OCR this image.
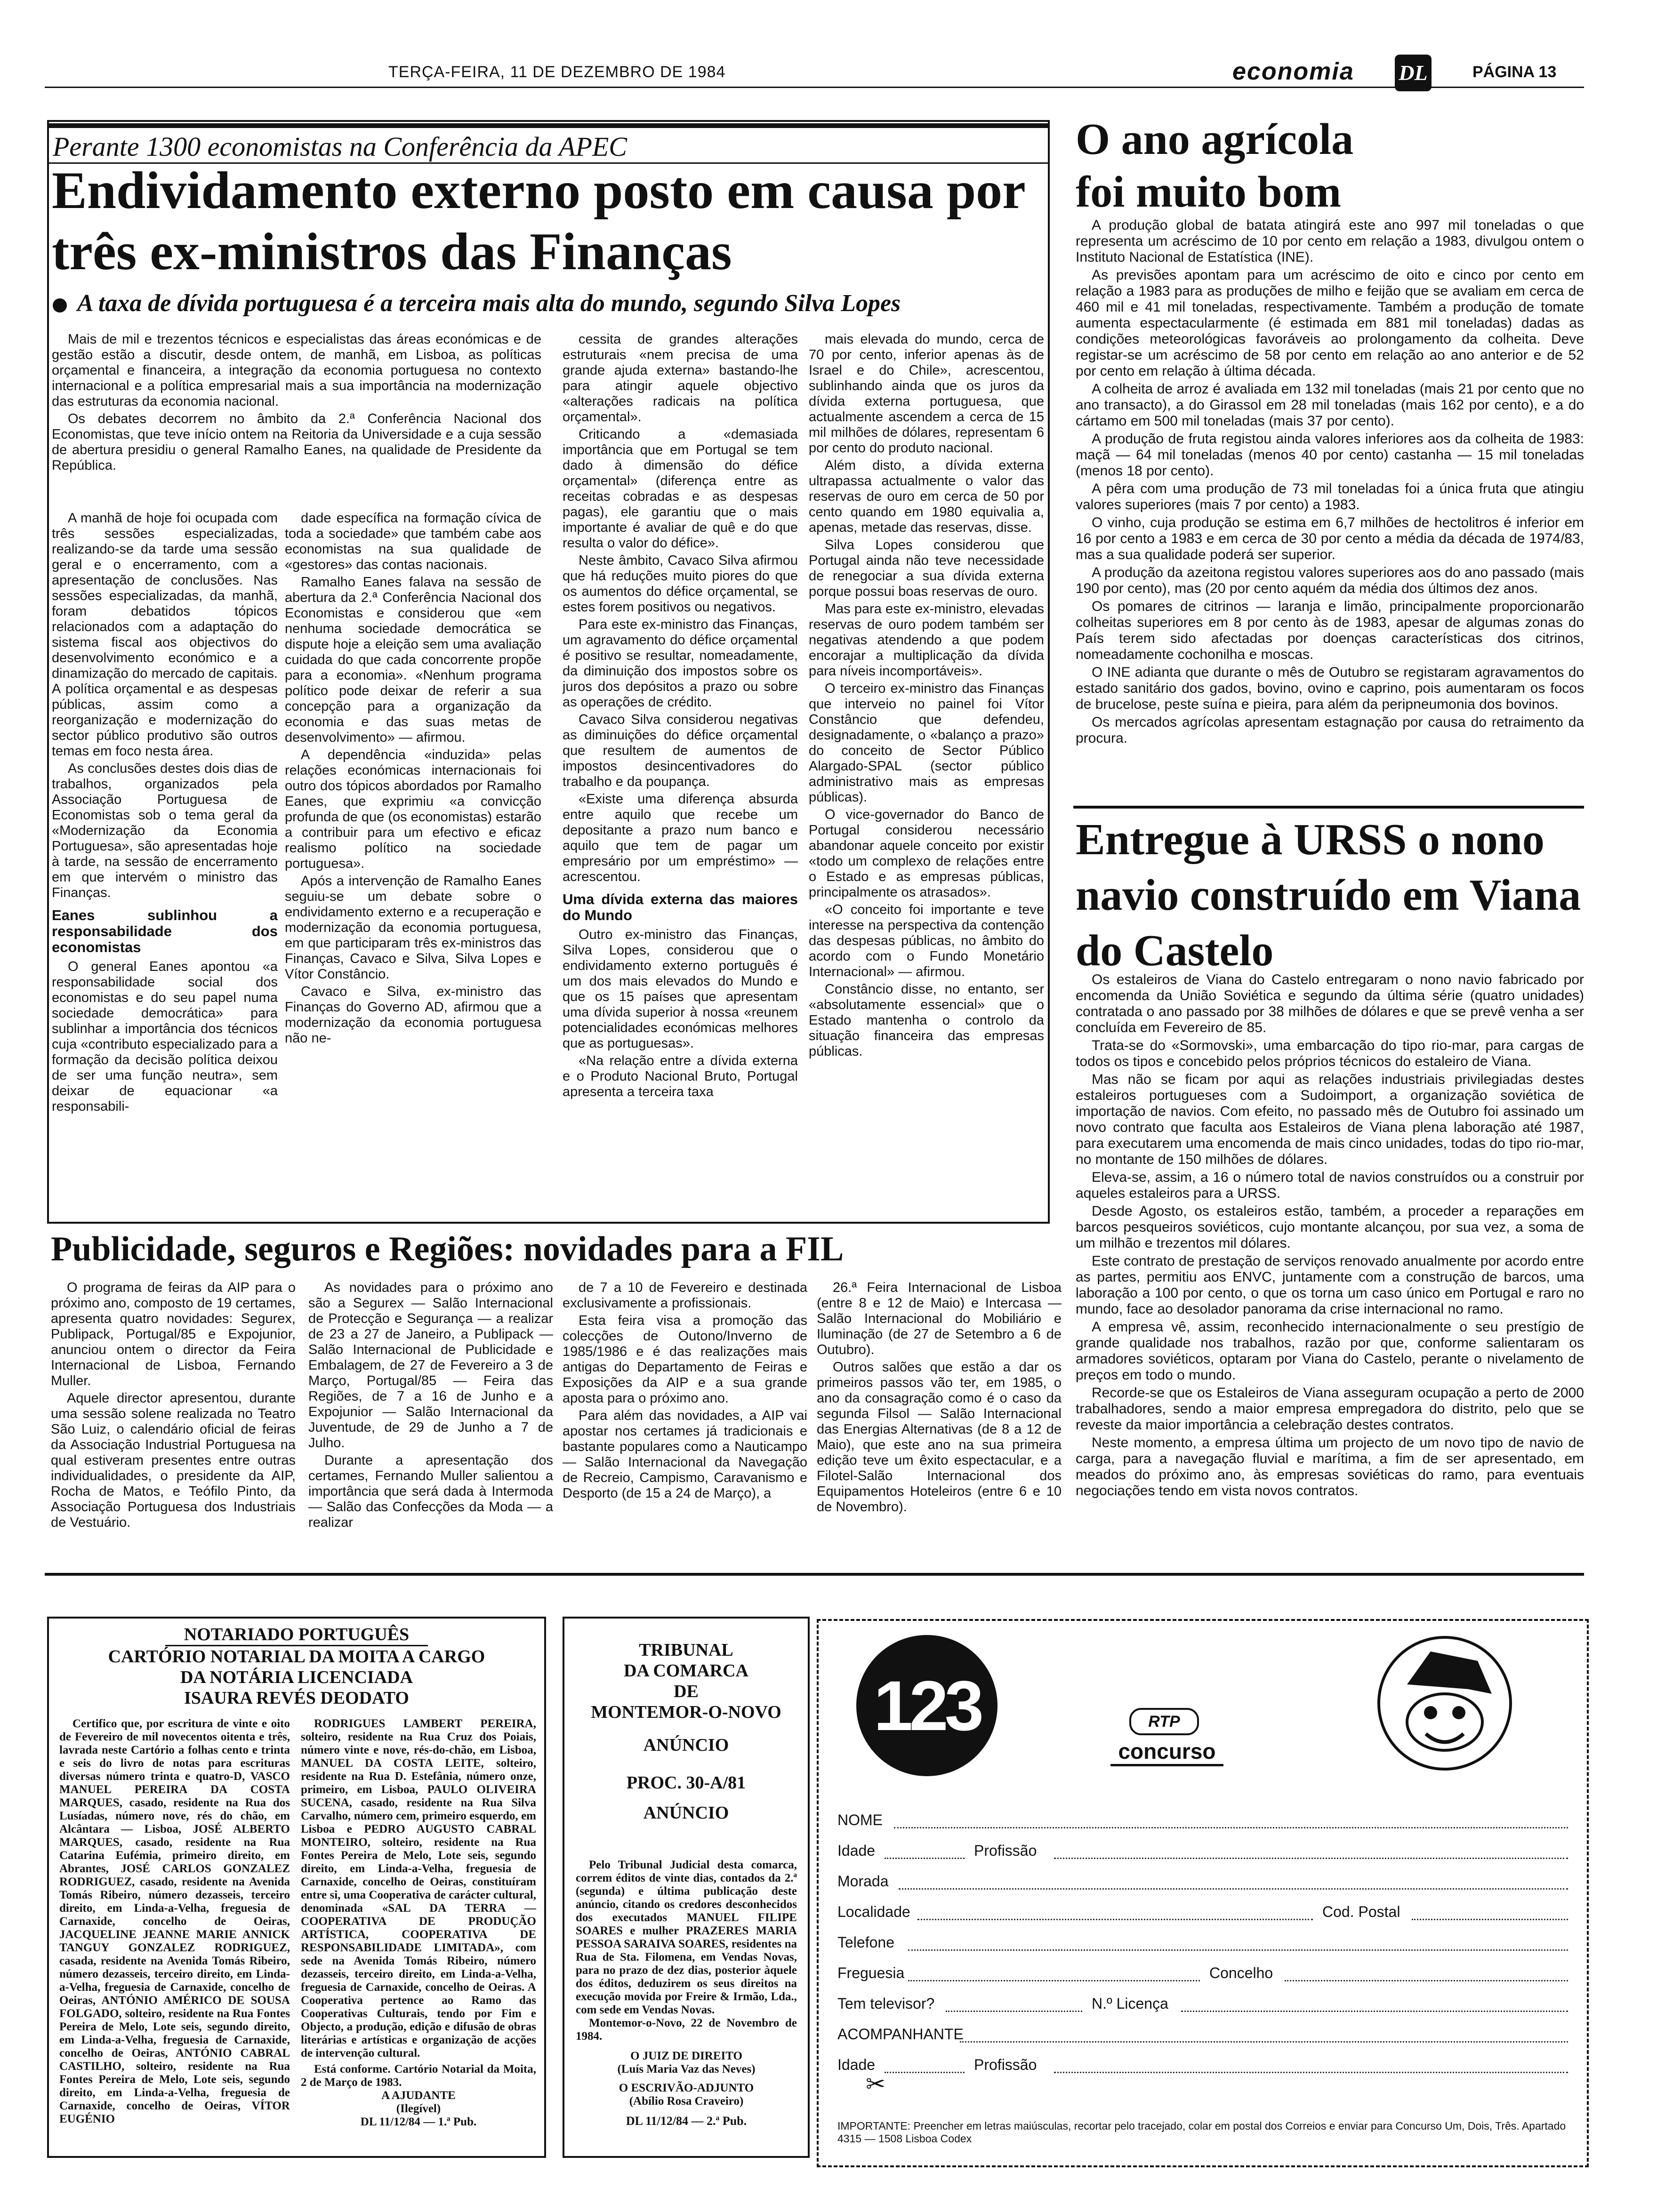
TERÇA-FEIRA, 11 DE DEZEMBRO DE 1984	economia DL	PÁGINA 13
Perante 1300 economistas na Conferência da APEC
Endividamento externo posto em causa por três ex-ministros das Finanças
A taxa de dívida portuguesa é a terceira mais alta do mundo, segundo Silva Lopes

Mais de mil e trezentos técnicos e especialistas das áreas económicas e de gestão estão a discutir, desde ontem, de manhã, em Lisboa, as políticas orçamental e financeira, a integração da economia portuguesa no contexto internacional e a política empresarial mais a sua importância na modernização das estruturas da economia nacional.

Os debates decorrem no âmbito da 2.ª Conferência Nacional dos Economistas, que teve início ontem na Reitoria da Universidade e a cuja sessão de abertura presidiu o general Ramalho Eanes, na qualidade de Presidente da República.

A manhã de hoje foi ocupada com três sessões especializadas, realizando-se da tarde uma sessão geral e o encerramento, com a apresentação de conclusões. Nas sessões especializadas, da manhã, foram debatidos tópicos relacionados com a adaptação do sistema fiscal aos objectivos do desenvolvimento económico e a dinamização do mercado de capitais. A política orçamental e as despesas públicas, assim como a reorganização e modernização do sector público produtivo são outros temas em foco nesta área.

As conclusões destes dois dias de trabalhos, organizados pela Associação Portuguesa de Economistas sob o tema geral da «Modernização da Economia Portuguesa», são apresentadas hoje à tarde, na sessão de encerramento em que intervém o ministro das Finanças.

Eanes sublinhou a responsabilidade dos economistas

O general Eanes apontou «a responsabilidade social dos economistas e do seu papel numa sociedade democrática» para sublinhar a importância dos técnicos cuja «contributo especializado para a formação da decisão política deixou de ser uma função neutra», sem deixar de equacionar «a responsabili-

dade específica na formação cívica de toda a sociedade» que também cabe aos economistas na sua qualidade de «gestores» das contas nacionais.

Ramalho Eanes falava na sessão de abertura da 2.ª Conferência Nacional dos Economistas e considerou que «em nenhuma sociedade democrática se dispute hoje a eleição sem uma avaliação cuidada do que cada concorrente propõe para a economia». «Nenhum programa político pode deixar de referir a sua concepção para a organização da economia e das suas metas de desenvolvimento» — afirmou.

A dependência «induzida» pelas relações económicas internacionais foi outro dos tópicos abordados por Ramalho Eanes, que exprimiu «a convicção profunda de que (os economistas) estarão a contribuir para um efectivo e eficaz realismo político na sociedade portuguesa».

Após a intervenção de Ramalho Eanes seguiu-se um debate sobre o endividamento externo e a recuperação e modernização da economia portuguesa, em que participaram três ex-ministros das Finanças, Cavaco e Silva, Silva Lopes e Vítor Constâncio.

Cavaco e Silva, ex-ministro das Finanças do Governo AD, afirmou que a modernização da economia portuguesa não ne-

cessita de grandes alterações estruturais «nem precisa de uma grande ajuda externa» bastando-lhe para atingir aquele objectivo «alterações radicais na política orçamental».

Criticando a «demasiada importância que em Portugal se tem dado à dimensão do défice orçamental» (diferença entre as receitas cobradas e as despesas pagas), ele garantiu que o mais importante é avaliar de quê e do que resulta o valor do défice».

Neste âmbito, Cavaco Silva afirmou que há reduções muito piores do que os aumentos do défice orçamental, se estes forem positivos ou negativos.

Para este ex-ministro das Finanças, um agravamento do défice orçamental é positivo se resultar, nomeadamente, da diminuição dos impostos sobre os juros dos depósitos a prazo ou sobre as operações de crédito.

Cavaco Silva considerou negativas as diminuições do défice orçamental que resultem de aumentos de impostos desincentivadores do trabalho e da poupança.

«Existe uma diferença absurda entre aquilo que recebe um depositante a prazo num banco e aquilo que tem de pagar um empresário por um empréstimo» — acrescentou.

Uma dívida externa das maiores do Mundo

Outro ex-ministro das Finanças, Silva Lopes, considerou que o endividamento externo português é um dos mais elevados do Mundo e que os 15 países que apresentam uma dívida superior à nossa «reunem potencialidades económicas melhores que as portuguesas».

«Na relação entre a dívida externa e o Produto Nacional Bruto, Portugal apresenta a terceira taxa

mais elevada do mundo, cerca de 70 por cento, inferior apenas às de Israel e do Chile», acrescentou, sublinhando ainda que os juros da dívida externa portuguesa, que actualmente ascendem a cerca de 15 mil milhões de dólares, representam 6 por cento do produto nacional.

Além disto, a dívida externa ultrapassa actualmente o valor das reservas de ouro em cerca de 50 por cento quando em 1980 equivalia a, apenas, metade das reservas, disse.

Silva Lopes considerou que Portugal ainda não teve necessidade de renegociar a sua dívida externa porque possui boas reservas de ouro.

Mas para este ex-ministro, elevadas reservas de ouro podem também ser negativas atendendo a que podem encorajar a multiplicação da dívida para níveis incomportáveis».

O terceiro ex-ministro das Finanças que interveio no painel foi Vítor Constâncio que defendeu, designadamente, o «balanço a prazo» do conceito de Sector Público Alargado-SPAL (sector público administrativo mais as empresas públicas).

O vice-governador do Banco de Portugal considerou necessário abandonar aquele conceito por existir «todo um complexo de relações entre o Estado e as empresas públicas, principalmente os atrasados».

«O conceito foi importante e teve interesse na perspectiva da contenção das despesas públicas, no âmbito do acordo com o Fundo Monetário Internacional» — afirmou.

Constâncio disse, no entanto, ser «absolutamente essencial» que o Estado mantenha o controlo da situação financeira das empresas públicas.

O ano agrícola foi muito bom

A produção global de batata atingirá este ano 997 mil toneladas o que representa um acréscimo de 10 por cento em relação a 1983, divulgou ontem o Instituto Nacional de Estatística (INE).

As previsões apontam para um acréscimo de oito e cinco por cento em relação a 1983 para as produções de milho e feijão que se avaliam em cerca de 460 mil e 41 mil toneladas, respectivamente. Também a produção de tomate aumenta espectacularmente (é estimada em 881 mil toneladas) dadas as condições meteorológicas favoráveis ao prolongamento da colheita. Deve registar-se um acréscimo de 58 por cento em relação ao ano anterior e de 52 por cento em relação à última década.

A colheita de arroz é avaliada em 132 mil toneladas (mais 21 por cento que no ano transacto), a do Girassol em 28 mil toneladas (mais 162 por cento), e a do cártamo em 500 mil toneladas (mais 37 por cento).

A produção de fruta registou ainda valores inferiores aos da colheita de 1983: maçã — 64 mil toneladas (menos 40 por cento) castanha — 15 mil toneladas (menos 18 por cento).

A pêra com uma produção de 73 mil toneladas foi a única fruta que atingiu valores superiores (mais 7 por cento) a 1983.

O vinho, cuja produção se estima em 6,7 milhões de hectolitros é inferior em 16 por cento a 1983 e em cerca de 30 por cento a média da década de 1974/83, mas a sua qualidade poderá ser superior.

A produção da azeitona registou valores superiores aos do ano passado (mais 190 por cento), mas (20 por cento aquém da média dos últimos dez anos.

Os pomares de citrinos — laranja e limão, principalmente proporcionarão colheitas superiores em 8 por cento às de 1983, apesar de algumas zonas do País terem sido afectadas por doenças características dos citrinos, nomeadamente cochonilha e moscas.

O INE adianta que durante o mês de Outubro se registaram agravamentos do estado sanitário dos gados, bovino, ovino e caprino, pois aumentaram os focos de brucelose, peste suína e pieira, para além da peripneumonia dos bovinos.

Os mercados agrícolas apresentam estagnação por causa do retraimento da procura.

Entregue à URSS o nono navio construído em Viana do Castelo

Os estaleiros de Viana do Castelo entregaram o nono navio fabricado por encomenda da União Soviética e segundo da última série (quatro unidades) contratada o ano passado por 38 milhões de dólares e que se prevê venha a ser concluída em Fevereiro de 85.

Trata-se do «Sormovski», uma embarcação do tipo rio-mar, para cargas de todos os tipos e concebido pelos próprios técnicos do estaleiro de Viana.

Mas não se ficam por aqui as relações industriais privilegiadas destes estaleiros portugueses com a Sudoimport, a organização soviética de importação de navios. Com efeito, no passado mês de Outubro foi assinado um novo contrato que faculta aos Estaleiros de Viana plena laboração até 1987, para executarem uma encomenda de mais cinco unidades, todas do tipo rio-mar, no montante de 150 milhões de dólares.

Eleva-se, assim, a 16 o número total de navios construídos ou a construir por aqueles estaleiros para a URSS.

Desde Agosto, os estaleiros estão, também, a proceder a reparações em barcos pesqueiros soviéticos, cujo montante alcançou, por sua vez, a soma de um milhão e trezentos mil dólares.

Este contrato de prestação de serviços renovado anualmente por acordo entre as partes, permitiu aos ENVC, juntamente com a construção de barcos, uma laboração a 100 por cento, o que os torna um caso único em Portugal e raro no mundo, face ao desolador panorama da crise internacional no ramo.

A empresa vê, assim, reconhecido internacionalmente o seu prestígio de grande qualidade nos trabalhos, razão por que, conforme salientaram os armadores soviéticos, optaram por Viana do Castelo, perante o nivelamento de preços em todo o mundo.

Recorde-se que os Estaleiros de Viana asseguram ocupação a perto de 2000 trabalhadores, sendo a maior empresa empregadora do distrito, pelo que se reveste da maior importância a celebração destes contratos.

Neste momento, a empresa última um projecto de um novo tipo de navio de carga, para a navegação fluvial e marítima, a fim de ser apresentado, em meados do próximo ano, às empresas soviéticas do ramo, para eventuais negociações tendo em vista novos contratos.

Publicidade, seguros e Regiões: novidades para a FIL

O programa de feiras da AIP para o próximo ano, composto de 19 certames, apresenta quatro novidades: Segurex, Publipack, Portugal/85 e Expojunior, anunciou ontem o director da Feira Internacional de Lisboa, Fernando Muller.

Aquele director apresentou, durante uma sessão solene realizada no Teatro São Luiz, o calendário oficial de feiras da Associação Industrial Portuguesa na qual estiveram presentes entre outras individualidades, o presidente da AIP, Rocha de Matos, e Teófilo Pinto, da Associação Portuguesa dos Industriais de Vestuário.

As novidades para o próximo ano são a Segurex — Salão Internacional de Protecção e Segurança — a realizar de 23 a 27 de Janeiro, a Publipack — Salão Internacional de Publicidade e Embalagem, de 27 de Fevereiro a 3 de Março, Portugal/85 — Feira das Regiões, de 7 a 16 de Junho e a Expojunior — Salão Internacional da Juventude, de 29 de Junho a 7 de Julho.

Durante a apresentação dos certames, Fernando Muller salientou a importância que será dada à Intermoda — Salão das Confecções da Moda — a realizar

de 7 a 10 de Fevereiro e destinada exclusivamente a profissionais.

Esta feira visa a promoção das colecções de Outono/Inverno de 1985/1986 e é das realizações mais antigas do Departamento de Feiras e Exposições da AIP e a sua grande aposta para o próximo ano.

Para além das novidades, a AIP vai apostar nos certames já tradicionais e bastante populares como a Nauticampo — Salão Internacional da Navegação de Recreio, Campismo, Caravanismo e Desporto (de 15 a 24 de Março), a

26.ª Feira Internacional de Lisboa (entre 8 e 12 de Maio) e Intercasa — Salão Internacional do Mobiliário e Iluminação (de 27 de Setembro a 6 de Outubro).

Outros salões que estão a dar os primeiros passos vão ter, em 1985, o ano da consagração como é o caso da segunda Filsol — Salão Internacional das Energias Alternativas (de 8 a 12 de Maio), que este ano na sua primeira edição teve um êxito espectacular, e a Filotel-Salão Internacional dos Equipamentos Hoteleiros (entre 6 e 10 de Novembro).

NOTARIADO PORTUGUÊS
CARTÓRIO NOTARIAL DA MOITA A CARGO
DA NOTÁRIA LICENCIADA
ISAURA REVÉS DEODATO

Certifico que, por escritura de vinte e oito de Fevereiro de mil novecentos oitenta e três, lavrada neste Cartório a folhas cento e trinta e seis do livro de notas para escrituras diversas número trinta e quatro-D, VASCO MANUEL PEREIRA DA COSTA MARQUES, casado, residente na Rua dos Lusíadas, número nove, rés do chão, em Alcântara — Lisboa, JOSÉ ALBERTO MARQUES, casado, residente na Rua Catarina Eufémia, primeiro direito, em Abrantes, JOSÉ CARLOS GONZALEZ RODRIGUEZ, casado, residente na Avenida Tomás Ribeiro, número dezasseis, terceiro direito, em Linda-a-Velha, freguesia de Carnaxide, concelho de Oeiras, JACQUELINE JEANNE MARIE ANNICK TANGUY GONZALEZ RODRIGUEZ, casada, residente na Avenida Tomás Ribeiro, número dezasseis, terceiro direito, em Linda-a-Velha, freguesia de Carnaxide, concelho de Oeiras, ANTÓNIO AMÉRICO DE SOUSA FOLGADO, solteiro, residente na Rua Fontes Pereira de Melo, Lote seis, segundo direito, em Linda-a-Velha, freguesia de Carnaxide, concelho de Oeiras, ANTÓNIO CABRAL CASTILHO, solteiro, residente na Rua Fontes Pereira de Melo, Lote seis, segundo direito, em Linda-a-Velha, freguesia de Carnaxide, concelho de Oeiras, VÍTOR EUGÉNIO

RODRIGUES LAMBERT PEREIRA, solteiro, residente na Rua Cruz dos Poiais, número vinte e nove, rés-do-chão, em Lisboa, MANUEL DA COSTA LEITE, solteiro, residente na Rua D. Estefânia, número onze, primeiro, em Lisboa, PAULO OLIVEIRA SUCENA, casado, residente na Rua Silva Carvalho, número cem, primeiro esquerdo, em Lisboa e PEDRO AUGUSTO CABRAL MONTEIRO, solteiro, residente na Rua Fontes Pereira de Melo, Lote seis, segundo direito, em Linda-a-Velha, freguesia de Carnaxide, concelho de Oeiras, constituíram entre si, uma Cooperativa de carácter cultural, denominada «SAL DA TERRA — COOPERATIVA DE PRODUÇÃO ARTÍSTICA, COOPERATIVA DE RESPONSABILIDADE LIMITADA», com sede na Avenida Tomás Ribeiro, número dezasseis, terceiro direito, em Linda-a-Velha, freguesia de Carnaxide, concelho de Oeiras. A Cooperativa pertence ao Ramo das Cooperativas Culturais, tendo por Fim e Objecto, a produção, edição e difusão de obras literárias e artísticas e organização de acções de intervenção cultural.

Está conforme. Cartório Notarial da Moita, 2 de Março de 1983.
A AJUDANTE
(Ilegível)
DL 11/12/84 — 1.ª Pub.
TRIBUNAL
DA COMARCA
DE
MONTEMOR-O-NOVO
ANÚNCIO
PROC. 30-A/81
ANÚNCIO

Pelo Tribunal Judicial desta comarca, correm éditos de vinte dias, contados da 2.ª (segunda) e última publicação deste anúncio, citando os credores desconhecidos dos executados MANUEL FILIPE SOARES e mulher PRAZERES MARIA PESSOA SARAIVA SOARES, residentes na Rua de Sta. Filomena, em Vendas Novas, para no prazo de dez dias, posterior àquele dos éditos, deduzirem os seus direitos na execução movida por Freire & Irmão, Lda., com sede em Vendas Novas.

Montemor-o-Novo, 22 de Novembro de 1984.

O JUIZ DE DIREITO
(Luís Maria Vaz das Neves)
O ESCRIVÃO-ADJUNTO
(Abílio Rosa Craveiro)
DL 11/12/84 — 2.ª Pub.
123	RTP
concurso
NOME
Idade	Profissão
Morada
Localidade	Cod. Postal
Telefone
Freguesia	Concelho
Tem televisor?	N.º Licença
ACOMPANHANTE
Idade	Profissão
✂
IMPORTANTE: Preencher em letras maiúsculas, recortar pelo tracejado, colar em postal dos Correios e enviar para Concurso Um, Dois, Três. Apartado 4315 — 1508 Lisboa Codex
